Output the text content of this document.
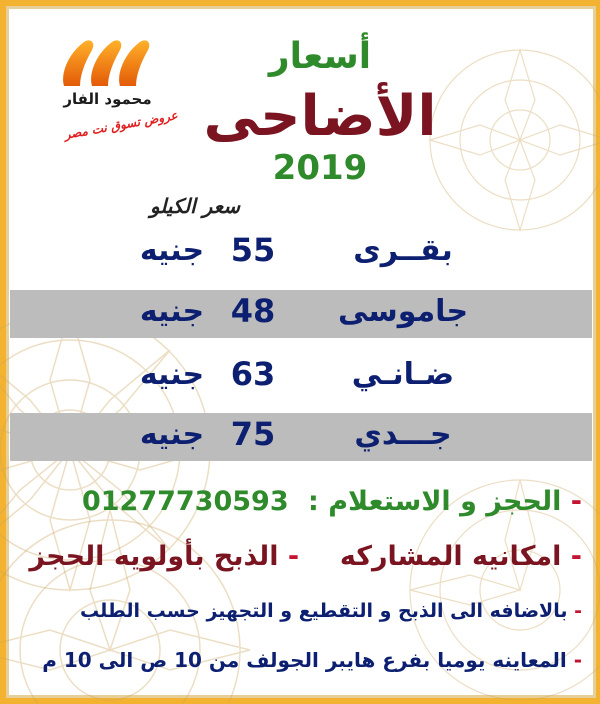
محمود الفار
عروض تسوق نت مصر
أسعار
الأضاحى
2019
سعر الكيلو
بقــرى
55
جنيه
جاموسى
48
جنيه
ضـانـي
63
جنيه
جـــدي
75
جنيه
- الحجز و الاستعلام : 01277730593
- امكانيه المشاركه  - الذبح بأولويه الحجز
- بالاضافه الى الذبح و التقطيع و التجهيز حسب الطلب
- المعاينه يوميا بفرع هايبر الجولف من 10 ص الى 10 م
